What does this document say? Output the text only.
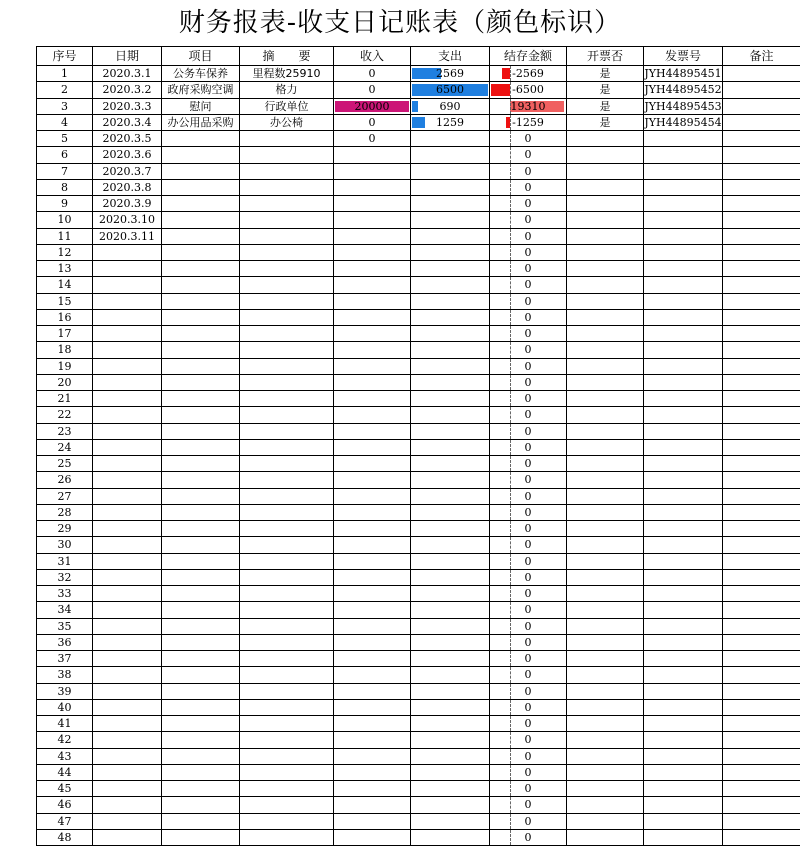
财务报表-收支日记账表（颜色标识）
序号	日期	项目	摘　　要	收入	支出	结存金额	开票否	发票号	备注
1	2020.3.1	公务车保养	里程数25910	0	2569	-2569	是	JYH44895451	
2	2020.3.2	政府采购空调	格力	0	6500	-6500	是	JYH44895452	
3	2020.3.3	慰问	行政单位	20000	690	19310	是	JYH44895453	
4	2020.3.4	办公用品采购	办公椅	0	1259	-1259	是	JYH44895454	
5	2020.3.5			0		0			
6	2020.3.6					0			
7	2020.3.7					0			
8	2020.3.8					0			
9	2020.3.9					0			
10	2020.3.10					0			
11	2020.3.11					0			
12						0			
13						0			
14						0			
15						0			
16						0			
17						0			
18						0			
19						0			
20						0			
21						0			
22						0			
23						0			
24						0			
25						0			
26						0			
27						0			
28						0			
29						0			
30						0			
31						0			
32						0			
33						0			
34						0			
35						0			
36						0			
37						0			
38						0			
39						0			
40						0			
41						0			
42						0			
43						0			
44						0			
45						0			
46						0			
47						0			
48						0			
